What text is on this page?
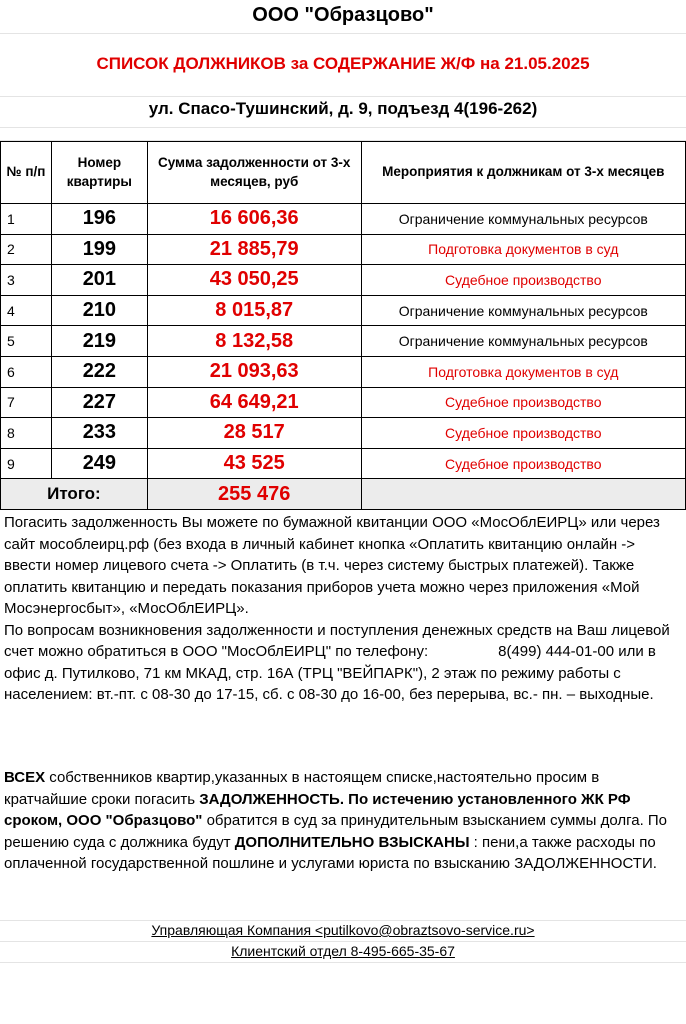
ООО "Образцово"
СПИСОК ДОЛЖНИКОВ за СОДЕРЖАНИЕ Ж/Ф на 21.05.2025
ул. Спасо-Тушинский, д. 9, подъезд 4(196-262)
№ п/п	Номер квартиры	Сумма задолженности от 3-х месяцев, руб	Мероприятия к должникам от 3-х месяцев
1	196	16 606,36	Ограничение коммунальных ресурсов
2	199	21 885,79	Подготовка документов в суд
3	201	43 050,25	Судебное производство
4	210	8 015,87	Ограничение коммунальных ресурсов
5	219	8 132,58	Ограничение коммунальных ресурсов
6	222	21 093,63	Подготовка документов в суд
7	227	64 649,21	Судебное производство
8	233	28 517	Судебное производство
9	249	43 525	Судебное производство
Итого:		255 476	
Погасить задолженность Вы можете по бумажной квитанции ООО «МосОблЕИРЦ» или через сайт мособлеирц.рф (без входа в личный кабинет кнопка «Оплатить квитанцию онлайн -> ввести номер лицевого счета -> Оплатить (в т.ч. через систему быстрых платежей). Также оплатить квитанцию и передать показания приборов учета можно через приложения «Мой Мосэнергосбыт», «МосОблЕИРЦ».
По вопросам возникновения задолженности и поступления денежных средств на Ваш лицевой счет можно обратиться в ООО "МосОблЕИРЦ" по телефону:	8(499) 444-01-00 или в офис д. Путилково, 71 км МКАД, стр. 16А (ТРЦ "ВЕЙПАРК"), 2 этаж по режиму работы с населением: вт.-пт. с 08-30 до 17-15, сб. с 08-30 до 16-00, без перерыва, вс.- пн. – выходные.
ВСЕХ собственников квартир,указанных в настоящем списке,настоятельно просим в кратчайшие сроки погасить ЗАДОЛЖЕННОСТЬ. По истечению установленного ЖК РФ сроком, ООО "Образцово" обратится в суд за принудительным взысканием суммы долга. По решению суда с должника будут ДОПОЛНИТЕЛЬНО ВЗЫСКАНЫ : пени,а также расходы по оплаченной государственной пошлине и услугами юриста по взысканию ЗАДОЛЖЕННОСТИ.
Управляющая Компания <putilkovo@obraztsovo-service.ru>
Клиентский отдел 8-495-665-35-67
